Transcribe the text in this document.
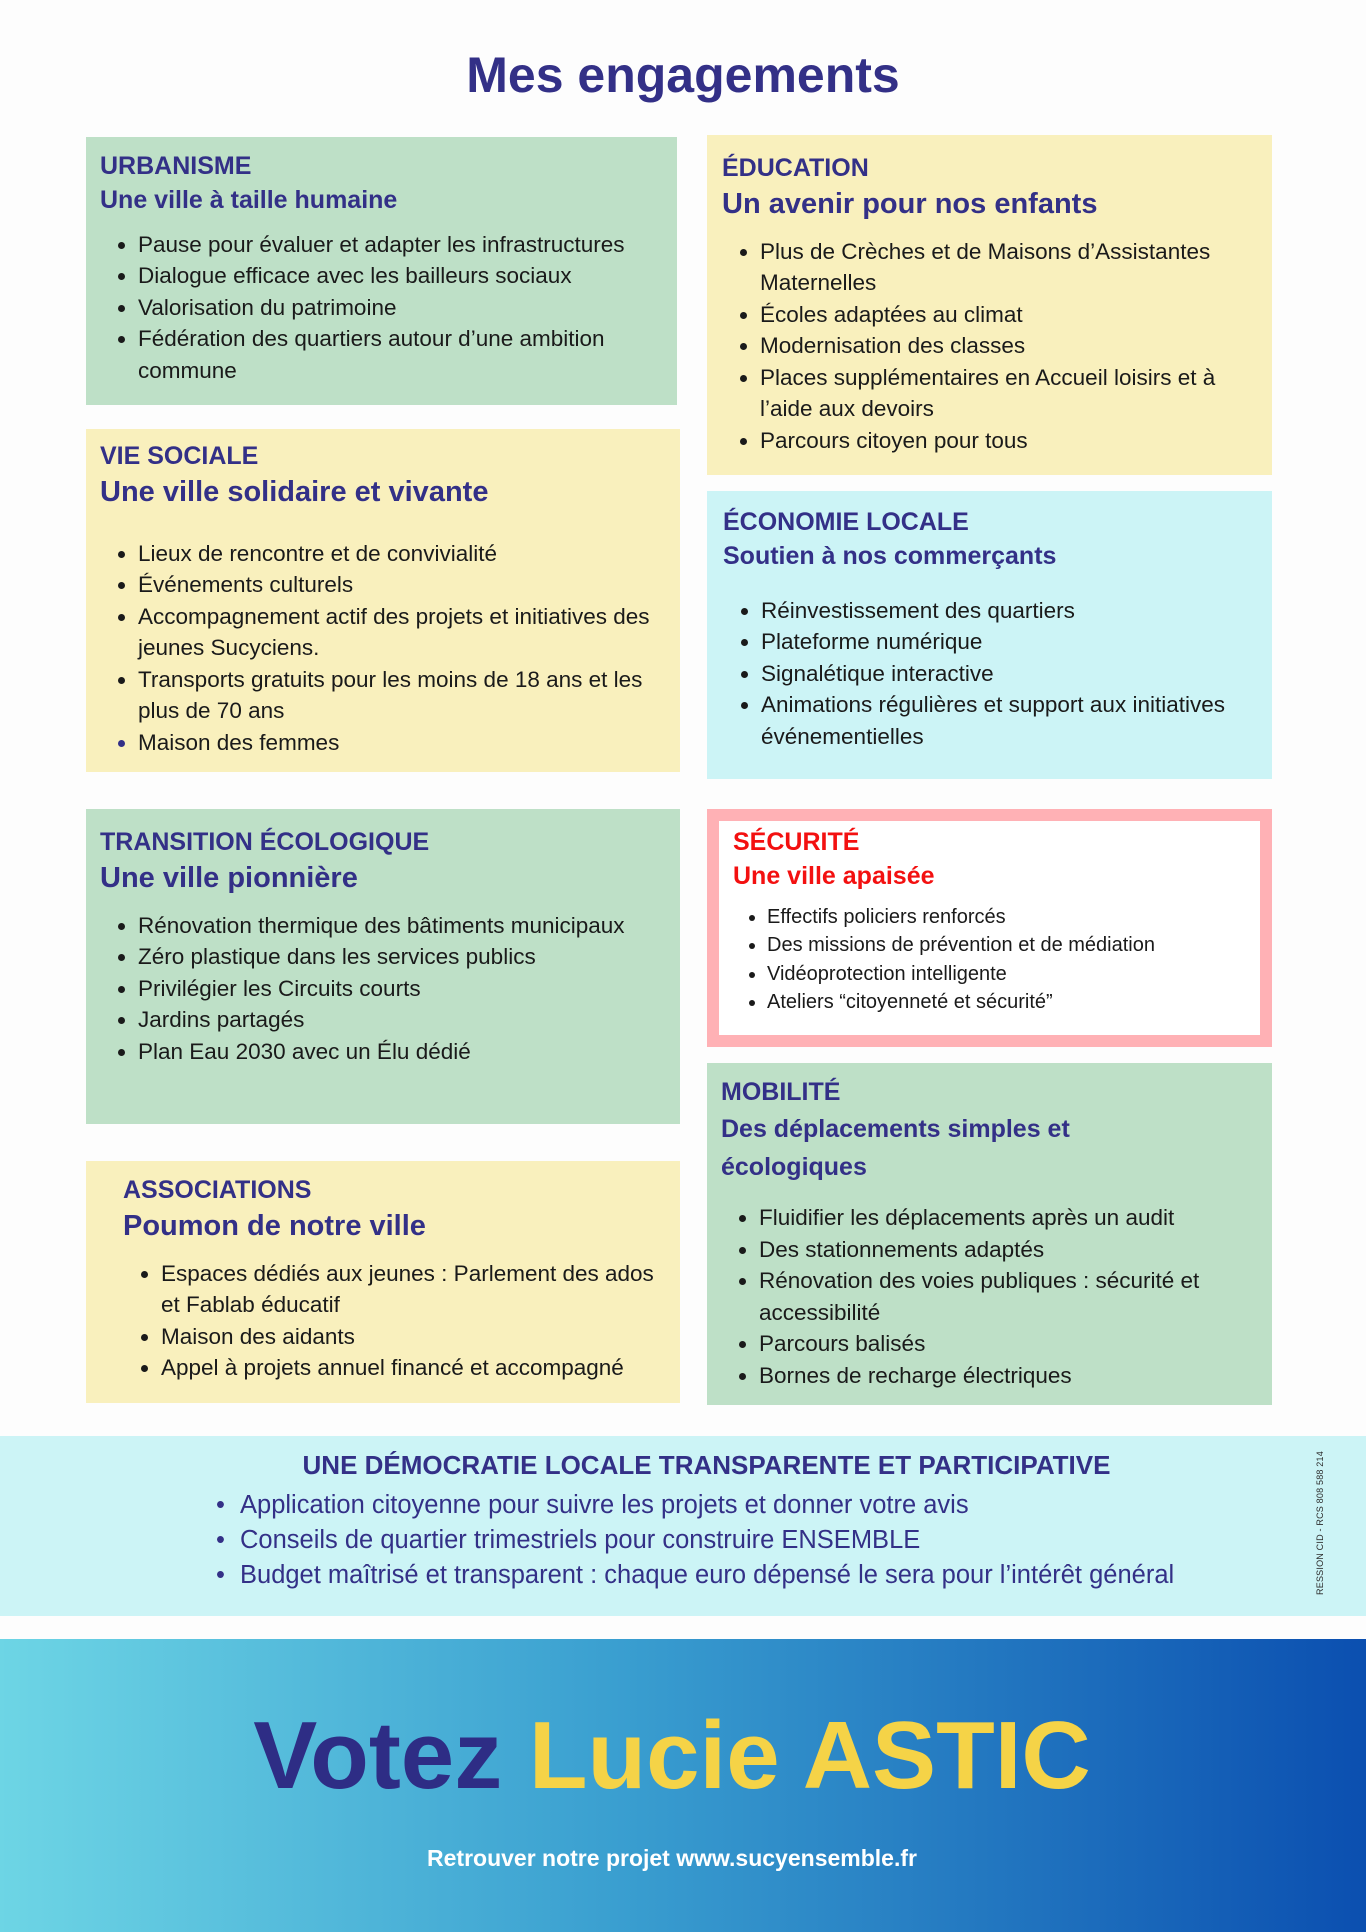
Mes engagements

URBANISME

Une ville à taille humaine

• Pause pour évaluer et adapter les infrastructures
• Dialogue efficace avec les bailleurs sociaux
• Valorisation du patrimoine
• Fédération des quartiers autour d’une ambition commune

ÉDUCATION

Un avenir pour nos enfants

• Plus de Crèches et de Maisons d’Assistantes Maternelles
• Écoles adaptées au climat
• Modernisation des classes
• Places supplémentaires en Accueil loisirs et à l’aide aux devoirs
• Parcours citoyen pour tous

VIE SOCIALE

Une ville solidaire et vivante

• Lieux de rencontre et de convivialité
• Événements culturels
• Accompagnement actif des projets et initiatives des jeunes Sucyciens.
• Transports gratuits pour les moins de 18 ans et les plus de 70 ans
• Maison des femmes

ÉCONOMIE LOCALE

Soutien à nos commerçants

• Réinvestissement des quartiers
• Plateforme numérique
• Signalétique interactive
• Animations régulières et support aux initiatives événementielles

TRANSITION ÉCOLOGIQUE

Une ville pionnière

• Rénovation thermique des bâtiments municipaux
• Zéro plastique dans les services publics
• Privilégier les Circuits courts
• Jardins partagés
• Plan Eau 2030 avec un Élu dédié

SÉCURITÉ

Une ville apaisée

• Effectifs policiers renforcés
• Des missions de prévention et de médiation
• Vidéoprotection intelligente
• Ateliers “citoyenneté et sécurité”

MOBILITÉ

Des déplacements simples et écologiques

• Fluidifier les déplacements après un audit
• Des stationnements adaptés
• Rénovation des voies publiques : sécurité et accessibilité
• Parcours balisés
• Bornes de recharge électriques

ASSOCIATIONS

Poumon de notre ville

• Espaces dédiés aux jeunes : Parlement des ados et Fablab éducatif
• Maison des aidants
• Appel à projets annuel financé et accompagné
UNE DÉMOCRATIE LOCALE TRANSPARENTE ET PARTICIPATIVE
• Application citoyenne pour suivre les projets et donner votre avis
• Conseils de quartier trimestriels pour construire ENSEMBLE
• Budget maîtrisé et transparent : chaque euro dépensé le sera pour l’intérêt général	RESSION CID - RCS 808 588 214

Votez Lucie ASTIC

Retrouver notre projet www.sucyensemble.fr
